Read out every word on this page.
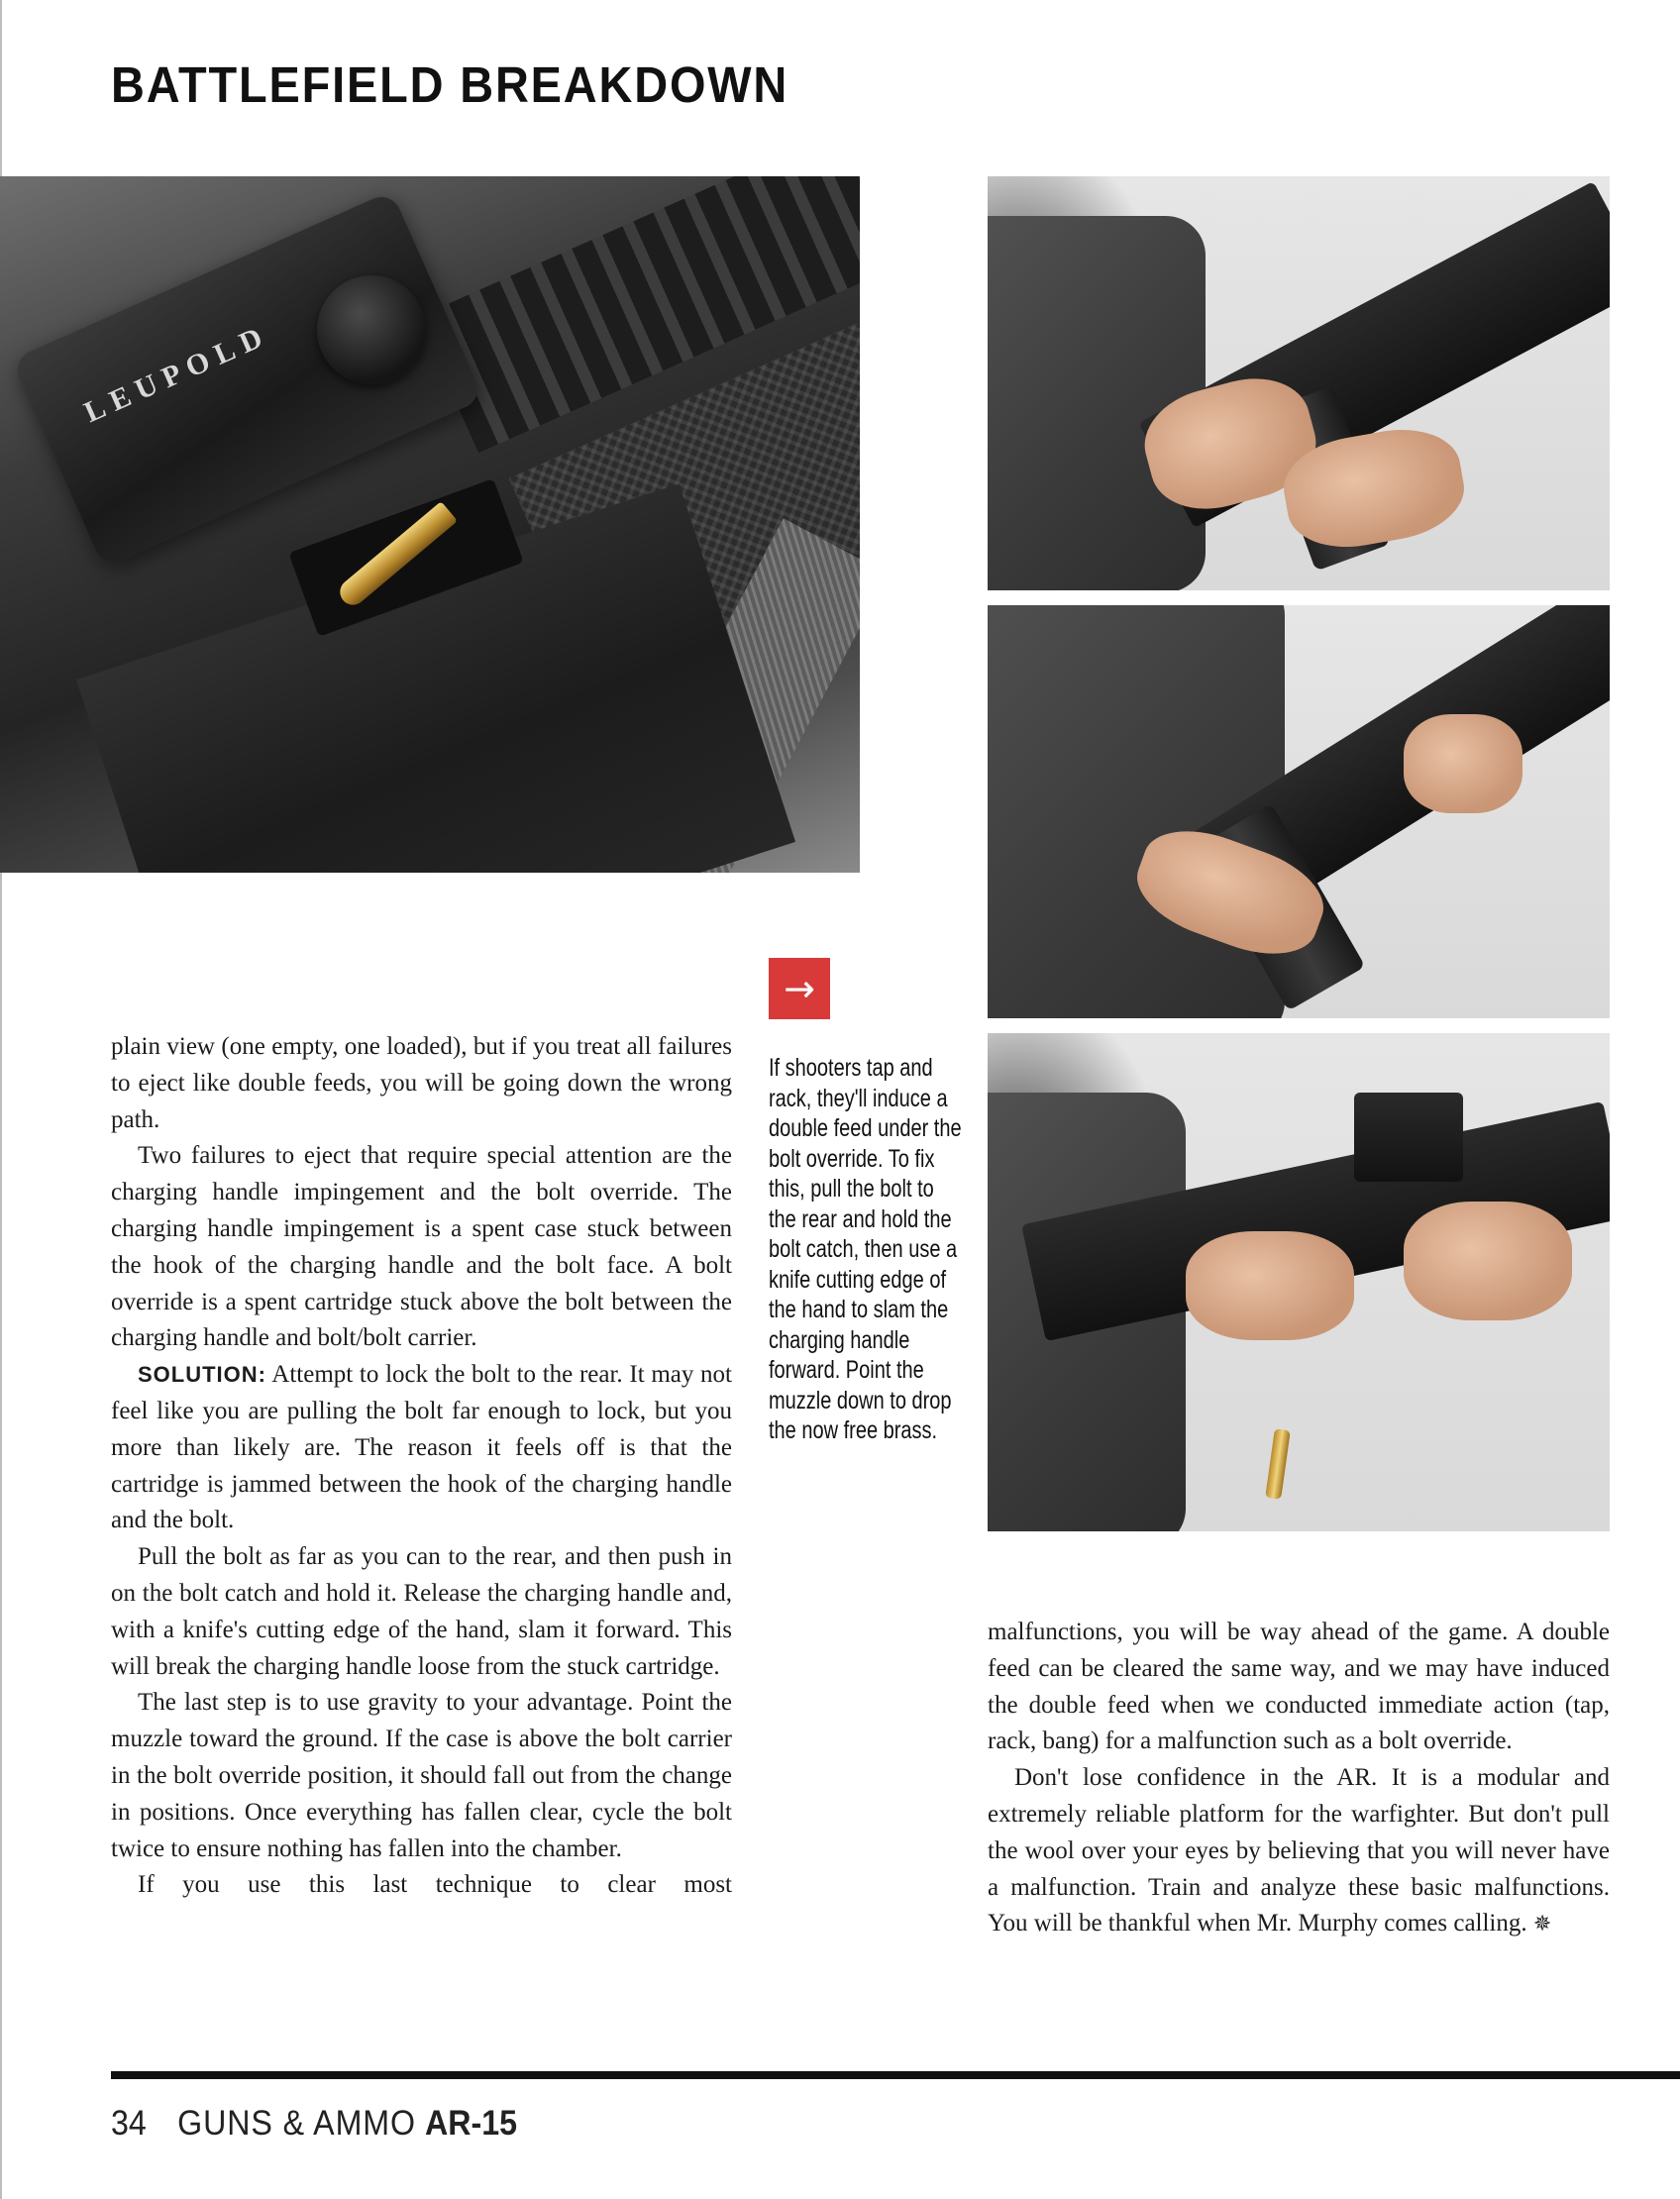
BATTLEFIELD BREAKDOWN
LEUPOLD
→
If shooters tap and rack, they'll induce a double feed under the bolt override. To fix this, pull the bolt to the rear and hold the bolt catch, then use a knife cutting edge of the hand to slam the charging handle forward. Point the muzzle down to drop the now free brass.

plain view (one empty, one loaded), but if you treat all failures to eject like double feeds, you will be going down the wrong path.

Two failures to eject that require special attention are the charging handle impingement and the bolt override. The charging handle impingement is a spent case stuck between the hook of the charging handle and the bolt face. A bolt override is a spent cartridge stuck above the bolt between the charging handle and bolt/bolt carrier.

SOLUTION: Attempt to lock the bolt to the rear. It may not feel like you are pulling the bolt far enough to lock, but you more than likely are. The reason it feels off is that the cartridge is jammed between the hook of the charging handle and the bolt.

Pull the bolt as far as you can to the rear, and then push in on the bolt catch and hold it. Release the charging handle and, with a knife's cutting edge of the hand, slam it forward. This will break the charging handle loose from the stuck cartridge.

The last step is to use gravity to your advantage. Point the muzzle toward the ground. If the case is above the bolt carrier in the bolt override position, it should fall out from the change in positions. Once everything has fallen clear, cycle the bolt twice to ensure nothing has fallen into the chamber.

If you use this last technique to clear most

malfunctions, you will be way ahead of the game. A double feed can be cleared the same way, and we may have induced the double feed when we conducted immediate action (tap, rack, bang) for a malfunction such as a bolt override.

Don't lose confidence in the AR. It is a modular and extremely reliable platform for the warfighter. But don't pull the wool over your eyes by believing that you will never have a malfunction. Train and analyze these basic malfunctions. You will be thankful when Mr. Murphy comes calling. ✵

34 GUNS & AMMO AR-15
